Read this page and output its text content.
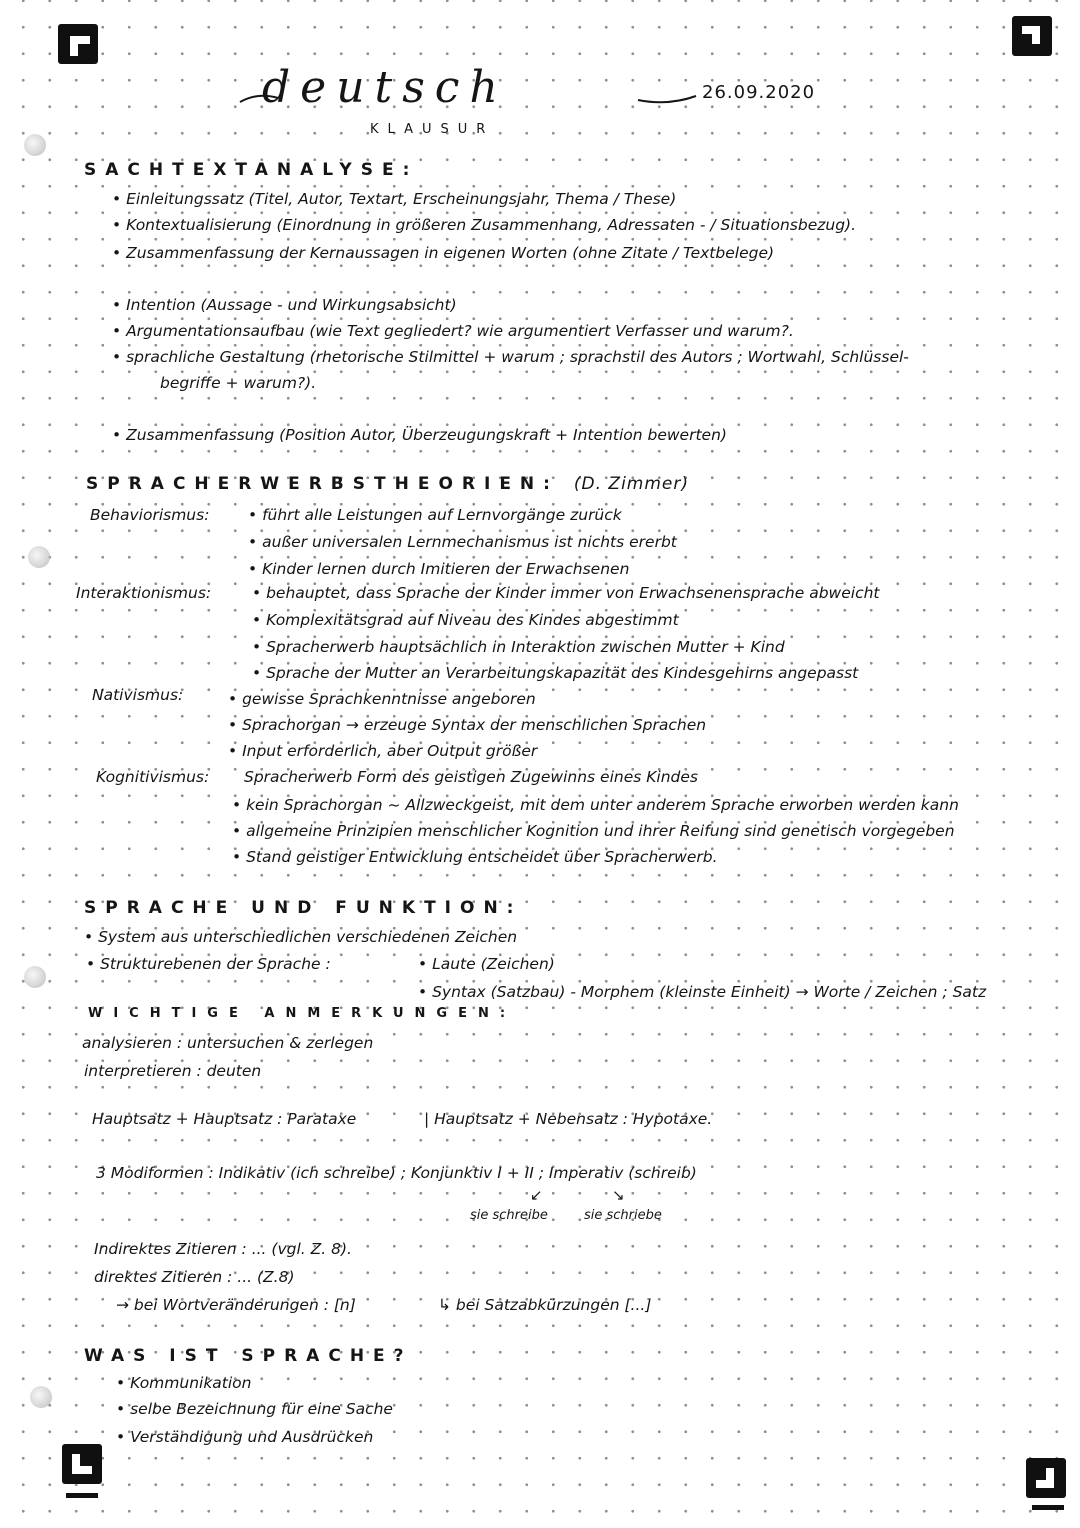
deutsch	26.09.2020
KLAUSUR
SACHTEXTANALYSE:
• Einleitungssatz (Titel, Autor, Textart, Erscheinungsjahr, Thema / These)
• Kontextualisierung (Einordnung in größeren Zusammenhang, Adressaten - / Situationsbezug).
• Zusammenfassung der Kernaussagen in eigenen Worten (ohne Zitate / Textbelege)
• Intention (Aussage - und Wirkungsabsicht)
• Argumentationsaufbau (wie Text gegliedert? wie argumentiert Verfasser und warum?.
• sprachliche Gestaltung (rhetorische Stilmittel + warum ; sprachstil des Autors ; Wortwahl, Schlüssel-
begriffe + warum?).
• Zusammenfassung (Position Autor, Überzeugungskraft + Intention bewerten)
SPRACHERWERBSTHEORIEN: (D. Zimmer)
Behaviorismus: • führt alle Leistungen auf Lernvorgänge zurück
• außer universalen Lernmechanismus ist nichts ererbt
• Kinder lernen durch Imitieren der Erwachsenen
Interaktionismus:	• behauptet, dass Sprache der Kinder immer von Erwachsenensprache abweicht
• Komplexitätsgrad auf Niveau des Kindes abgestimmt
• Spracherwerb hauptsächlich in Interaktion zwischen Mutter + Kind
• Sprache der Mutter an Verarbeitungskapazität des Kindesgehirns angepasst
Nativismus:	• gewisse Sprachkenntnisse angeboren
• Sprachorgan → erzeuge Syntax der menschlichen Sprachen
• Input erforderlich, aber Output größer
Kognitivismus: Spracherwerb Form des geistigen Zugewinns eines Kindes
• kein Sprachorgan ~ Allzweckgeist, mit dem unter anderem Sprache erworben werden kann
• allgemeine Prinzipien menschlicher Kognition und ihrer Reifung sind genetisch vorgegeben
• Stand geistiger Entwicklung entscheidet über Spracherwerb.
SPRACHE UND FUNKTION:
• System aus unterschiedlichen verschiedenen Zeichen
• Strukturebenen der Sprache :	• Laute (Zeichen)
• Syntax (Satzbau) - Morphem (kleinste Einheit) → Worte / Zeichen ; Satz
WICHTIGE ANMERKUNGEN:
analysieren : untersuchen & zerlegen
interpretieren : deuten
Hauptsatz + Hauptsatz : Parataxe	| Hauptsatz + Nebensatz : Hypotaxe.
3 Modiformen : Indikativ (ich schreibe) ; Konjunktiv I + II ; Imperativ (schreib)
↙	↘
sie schreibe	sie schriebe
Indirektes Zitieren : ... (vgl. Z. 8).
direktes Zitieren : ... (Z.8)
→ bei Wortveränderungen : [n]	↳ bei Satzabkürzungen [...]
WAS IST SPRACHE?
• Kommunikation
• selbe Bezeichnung für eine Sache
• Verständigung und Ausdrücken
